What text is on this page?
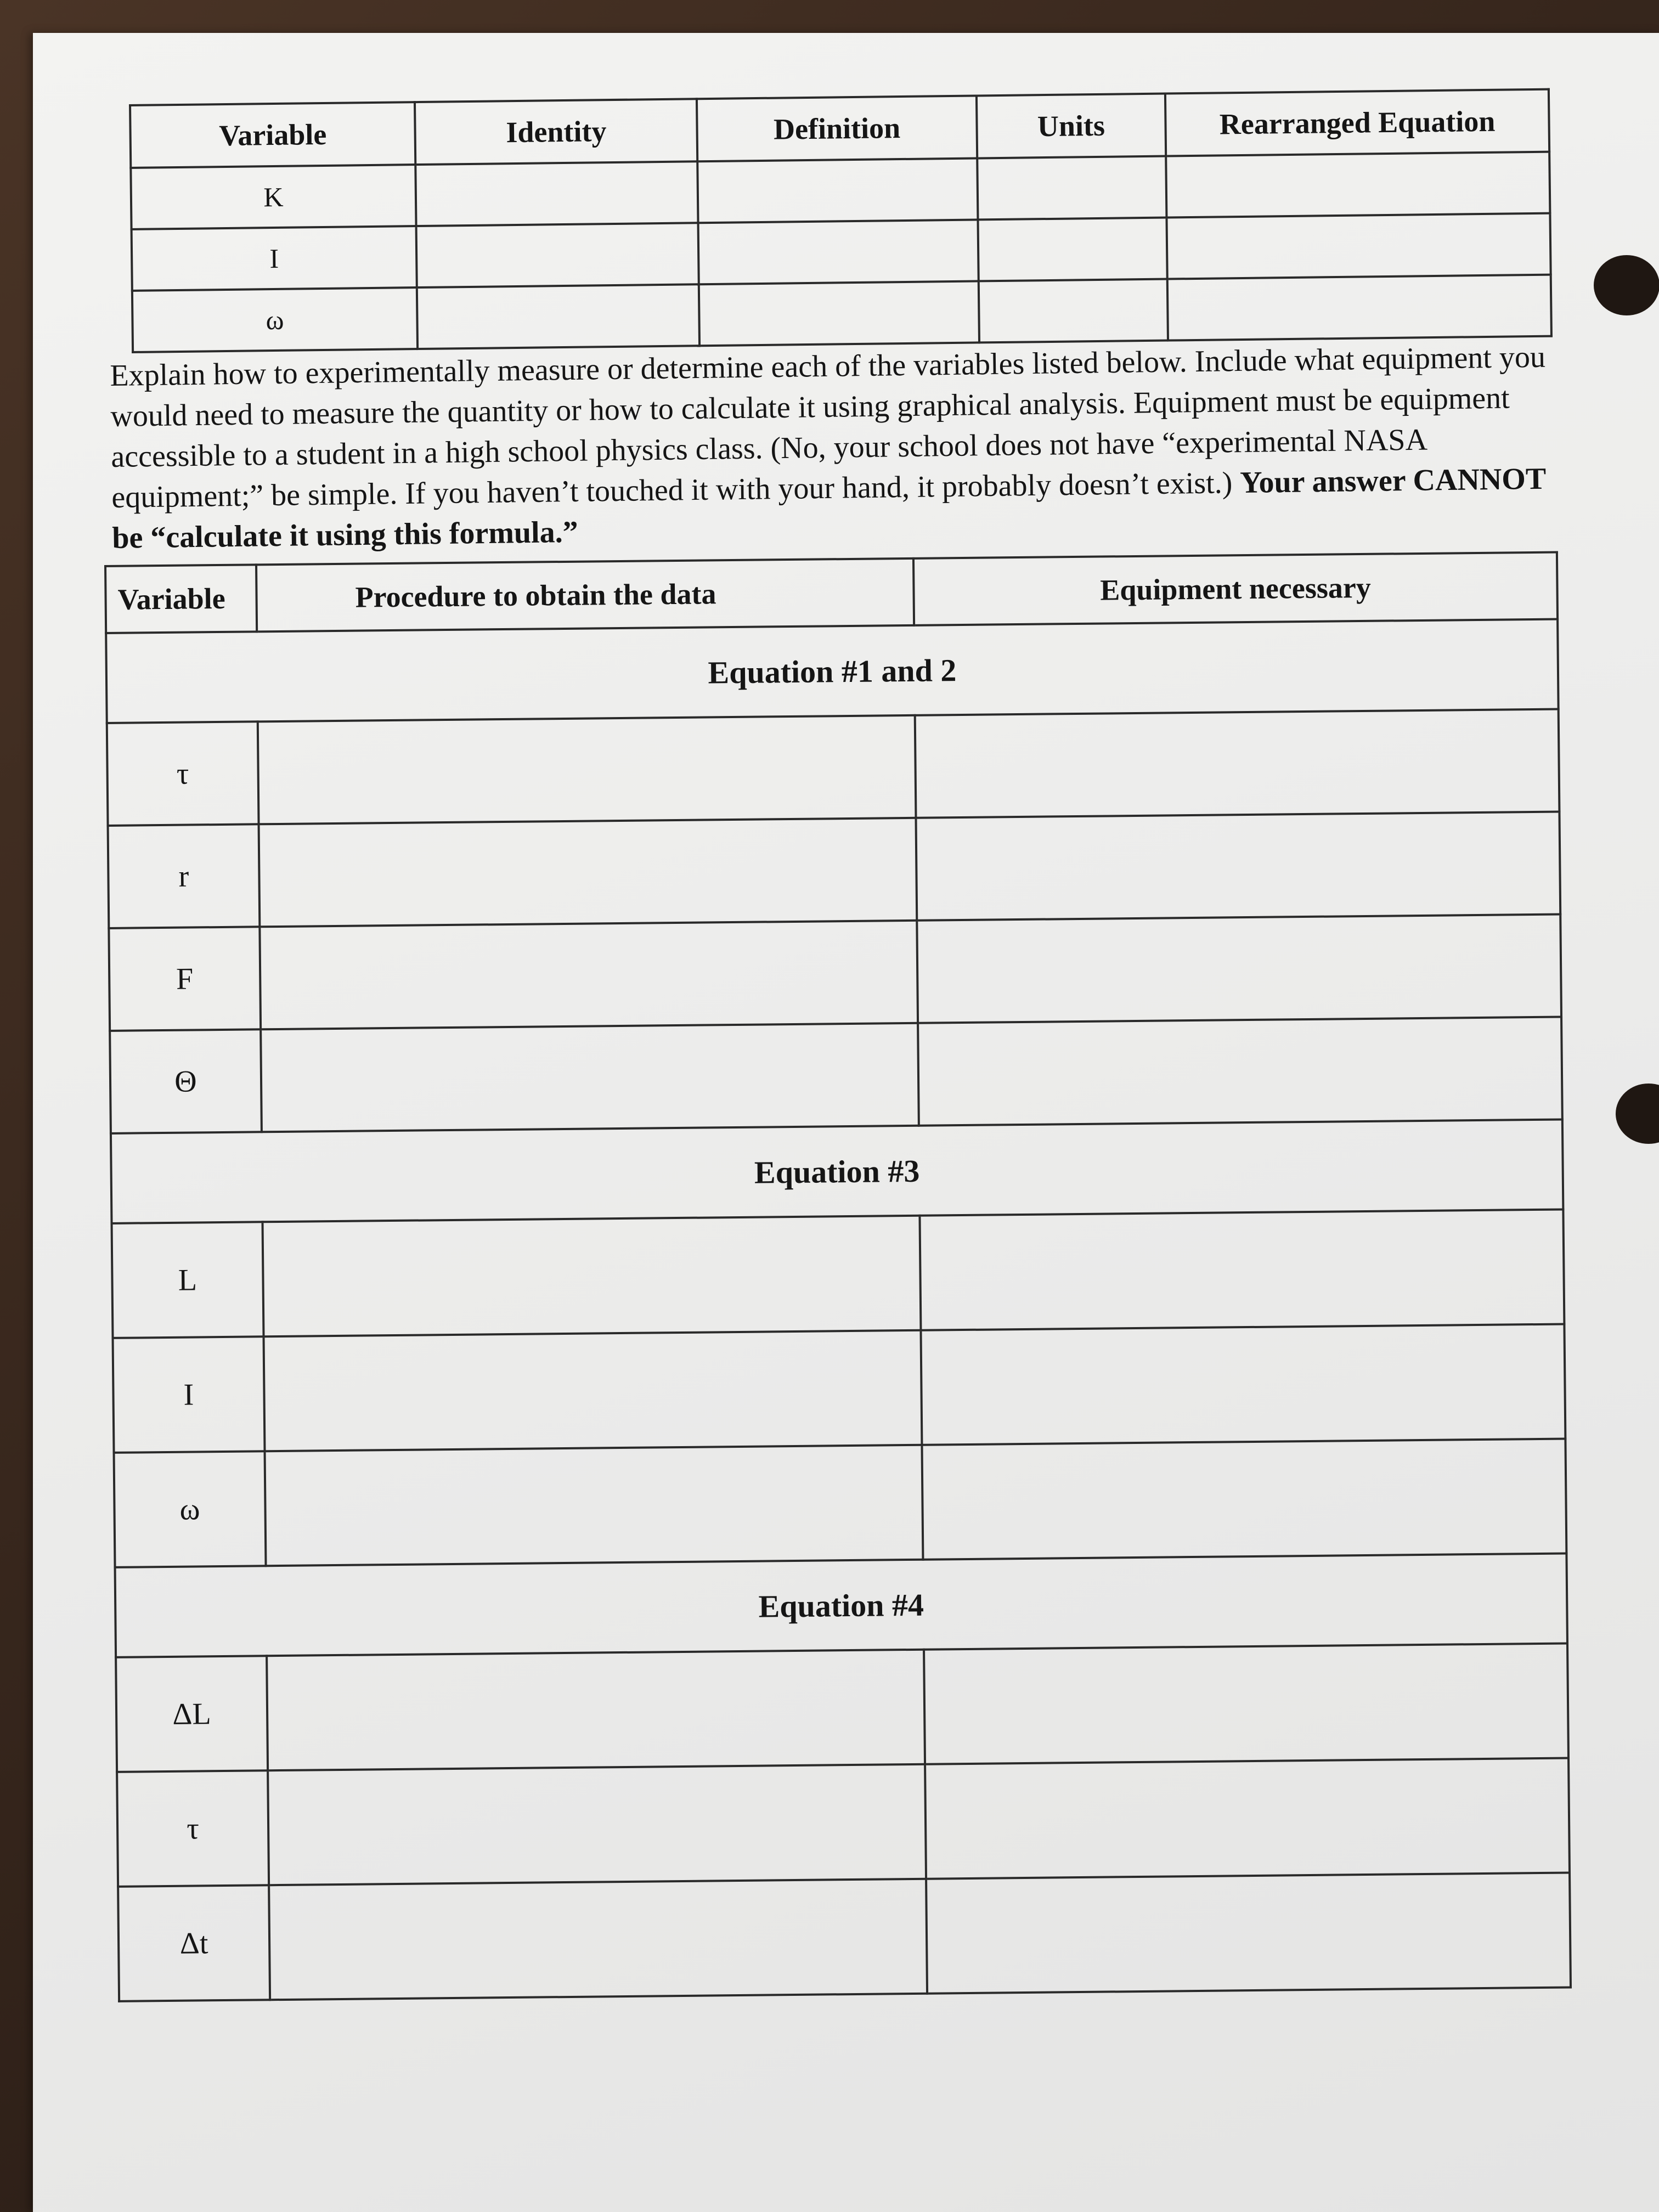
Variable	Identity	Definition	Units	Rearranged Equation
K				
I				
ω				
Explain how to experimentally measure or determine each of the variables listed below. Include what equipment you would need to measure the quantity or how to calculate it using graphical analysis. Equipment must be equipment accessible to a student in a high school physics class. (No, your school does not have “experimental NASA equipment;” be simple. If you haven’t touched it with your hand, it probably doesn’t exist.) Your answer CANNOT be “calculate it using this formula.”
Variable	Procedure to obtain the data	Equipment necessary
Equation #1 and 2		
τ		
r		
F		
Θ		
Equation #3		
L		
I		
ω		
Equation #4		
ΔL		
τ		
Δt		
